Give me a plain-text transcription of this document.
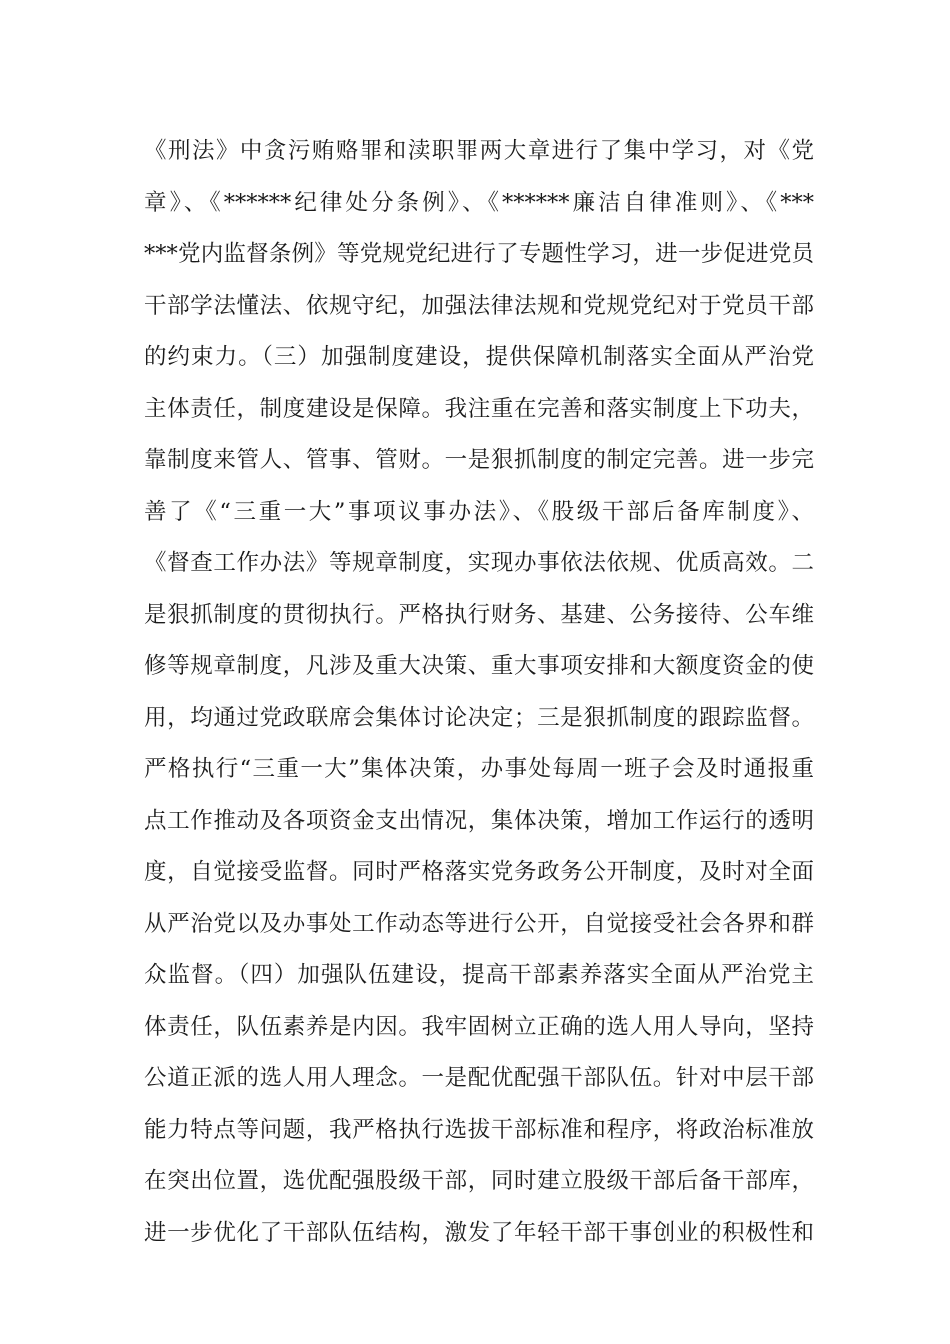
《刑法》中贪污贿赂罪和渎职罪两大章进行了集中学习，对《党
章》、《******纪律处分条例》、《******廉洁自律准则》、《***
***党内监督条例》等党规党纪进行了专题性学习，进一步促进党员
干部学法懂法、依规守纪，加强法律法规和党规党纪对于党员干部
的约束力。（三）加强制度建设，提供保障机制落实全面从严治党
主体责任，制度建设是保障。我注重在完善和落实制度上下功夫，
靠制度来管人、管事、管财。一是狠抓制度的制定完善。进一步完
善了《“三重一大”事项议事办法》、《股级干部后备库制度》、
《督查工作办法》等规章制度，实现办事依法依规、优质高效。二
是狠抓制度的贯彻执行。严格执行财务、基建、公务接待、公车维
修等规章制度，凡涉及重大决策、重大事项安排和大额度资金的使
用，均通过党政联席会集体讨论决定；三是狠抓制度的跟踪监督。
严格执行“三重一大”集体决策，办事处每周一班子会及时通报重
点工作推动及各项资金支出情况，集体决策，增加工作运行的透明
度，自觉接受监督。同时严格落实党务政务公开制度，及时对全面
从严治党以及办事处工作动态等进行公开，自觉接受社会各界和群
众监督。（四）加强队伍建设，提高干部素养落实全面从严治党主
体责任，队伍素养是内因。我牢固树立正确的选人用人导向，坚持
公道正派的选人用人理念。一是配优配强干部队伍。针对中层干部
能力特点等问题，我严格执行选拔干部标准和程序，将政治标准放
在突出位置，选优配强股级干部，同时建立股级干部后备干部库，
进一步优化了干部队伍结构，激发了年轻干部干事创业的积极性和
